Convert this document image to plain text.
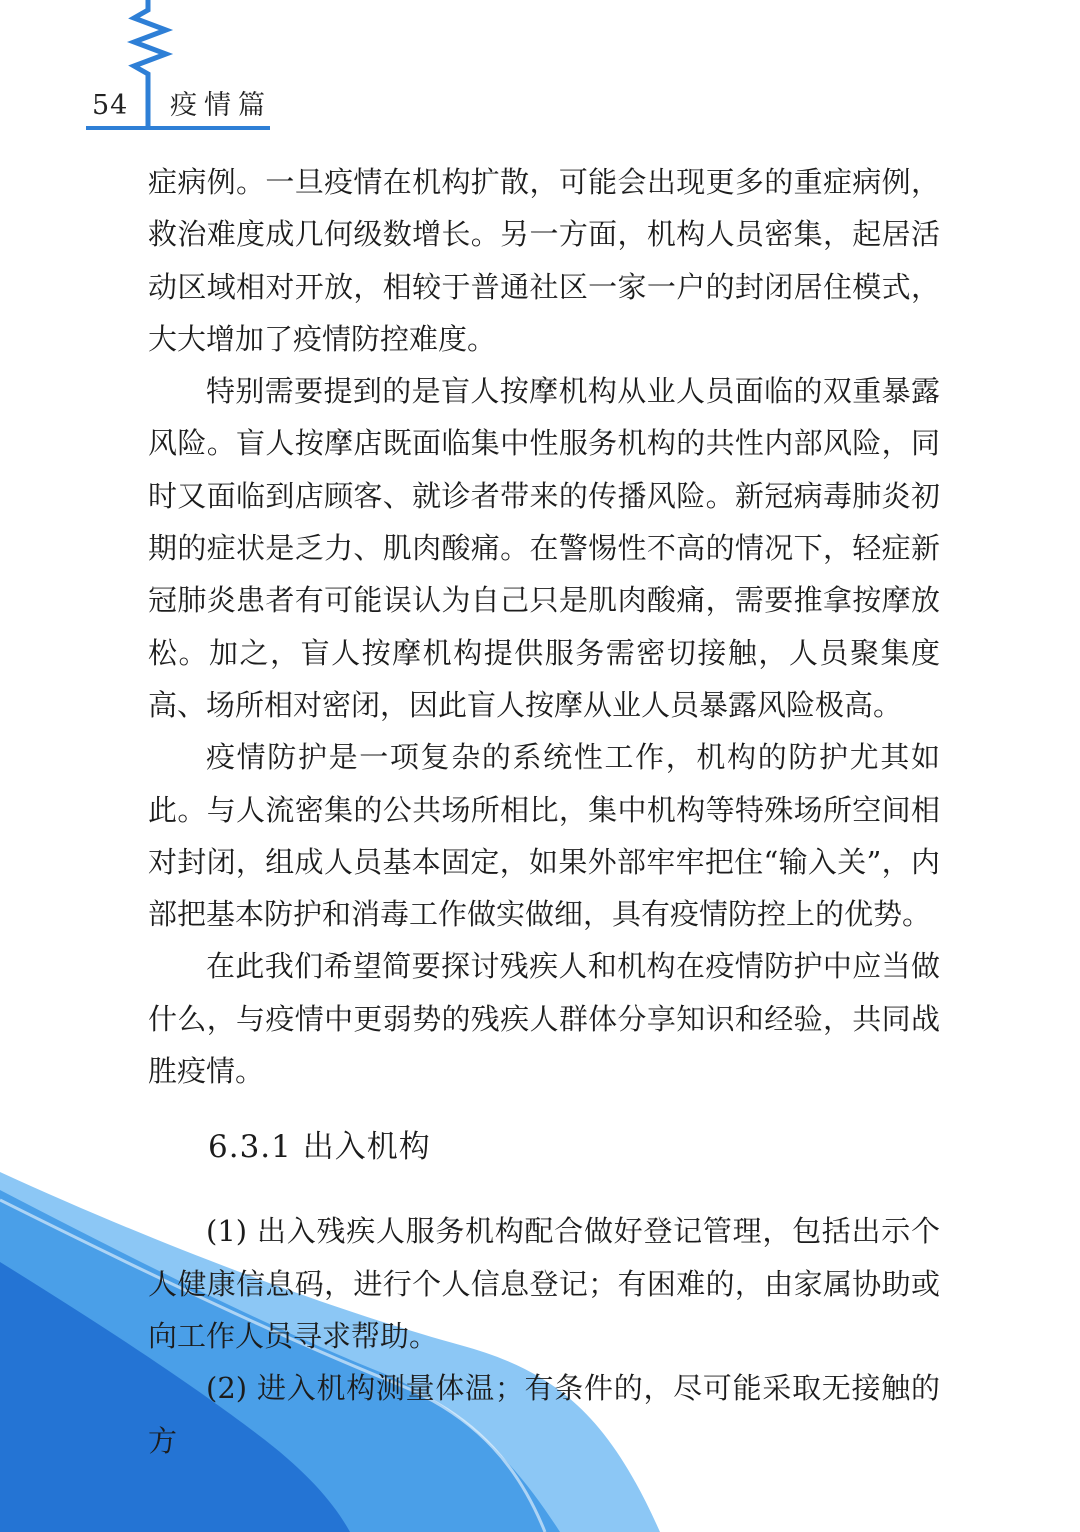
54 疫情篇

症病例。一旦疫情在机构扩散，可能会出现更多的重症病例，救治难度成几何级数增长。另一方面，机构人员密集，起居活动区域相对开放，相较于普通社区一家一户的封闭居住模式，大大增加了疫情防控难度。

特别需要提到的是盲人按摩机构从业人员面临的双重暴露风险。盲人按摩店既面临集中性服务机构的共性内部风险，同时又面临到店顾客、就诊者带来的传播风险。新冠病毒肺炎初期的症状是乏力、肌肉酸痛。在警惕性不高的情况下，轻症新冠肺炎患者有可能误认为自己只是肌肉酸痛，需要推拿按摩放松。加之，盲人按摩机构提供服务需密切接触，人员聚集度高、场所相对密闭，因此盲人按摩从业人员暴露风险极高。

疫情防护是一项复杂的系统性工作，机构的防护尤其如此。与人流密集的公共场所相比，集中机构等特殊场所空间相对封闭，组成人员基本固定，如果外部牢牢把住“输入关”，内部把基本防护和消毒工作做实做细，具有疫情防控上的优势。

在此我们希望简要探讨残疾人和机构在疫情防护中应当做什么，与疫情中更弱势的残疾人群体分享知识和经验，共同战胜疫情。

6.3.1 出入机构

(1) 出入残疾人服务机构配合做好登记管理，包括出示个人健康信息码，进行个人信息登记；有困难的，由家属协助或向工作人员寻求帮助。

(2) 进入机构测量体温；有条件的，尽可能采取无接触的方
